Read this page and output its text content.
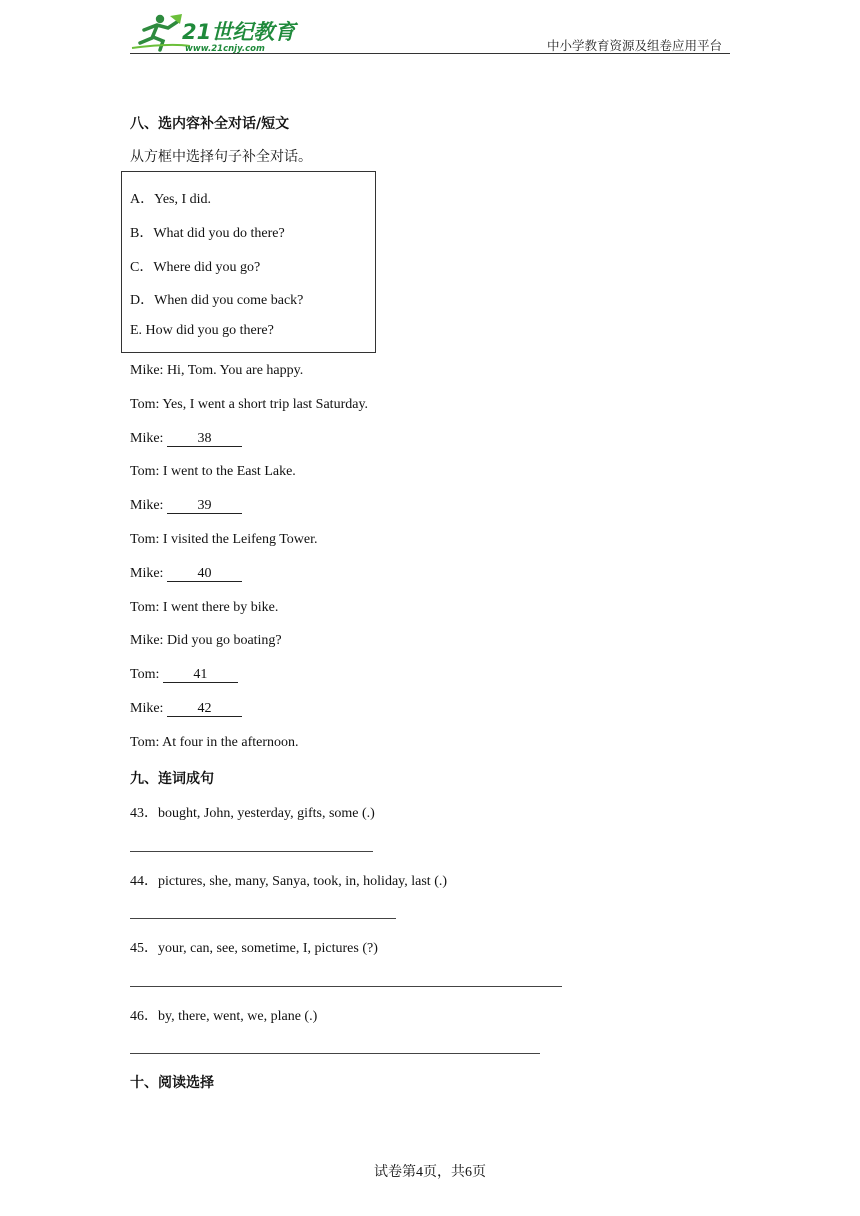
21世纪教育
www.21cnjy.com	中小学教育资源及组卷应用平台
八、选内容补全对话/短文
从方框中选择句子补全对话。
A．Yes, I did.
B．What did you do there?
C．Where did you go?
D．When did you come back?
E. How did you go there?
Mike: Hi, Tom. You are happy.
Tom: Yes, I went a short trip last Saturday.
Mike: 38
Tom: I went to the East Lake.
Mike: 39
Tom: I visited the Leifeng Tower.
Mike: 40
Tom: I went there by bike.
Mike: Did you go boating?
Tom: 41
Mike: 42
Tom: At four in the afternoon.
九、连词成句
43．bought, John, yesterday, gifts, some (.)
44．pictures, she, many, Sanya, took, in, holiday, last (.)
45．your, can, see, sometime, I, pictures (?)
46．by, there, went, we, plane (.)
十、阅读选择
试卷第4页，共6页
